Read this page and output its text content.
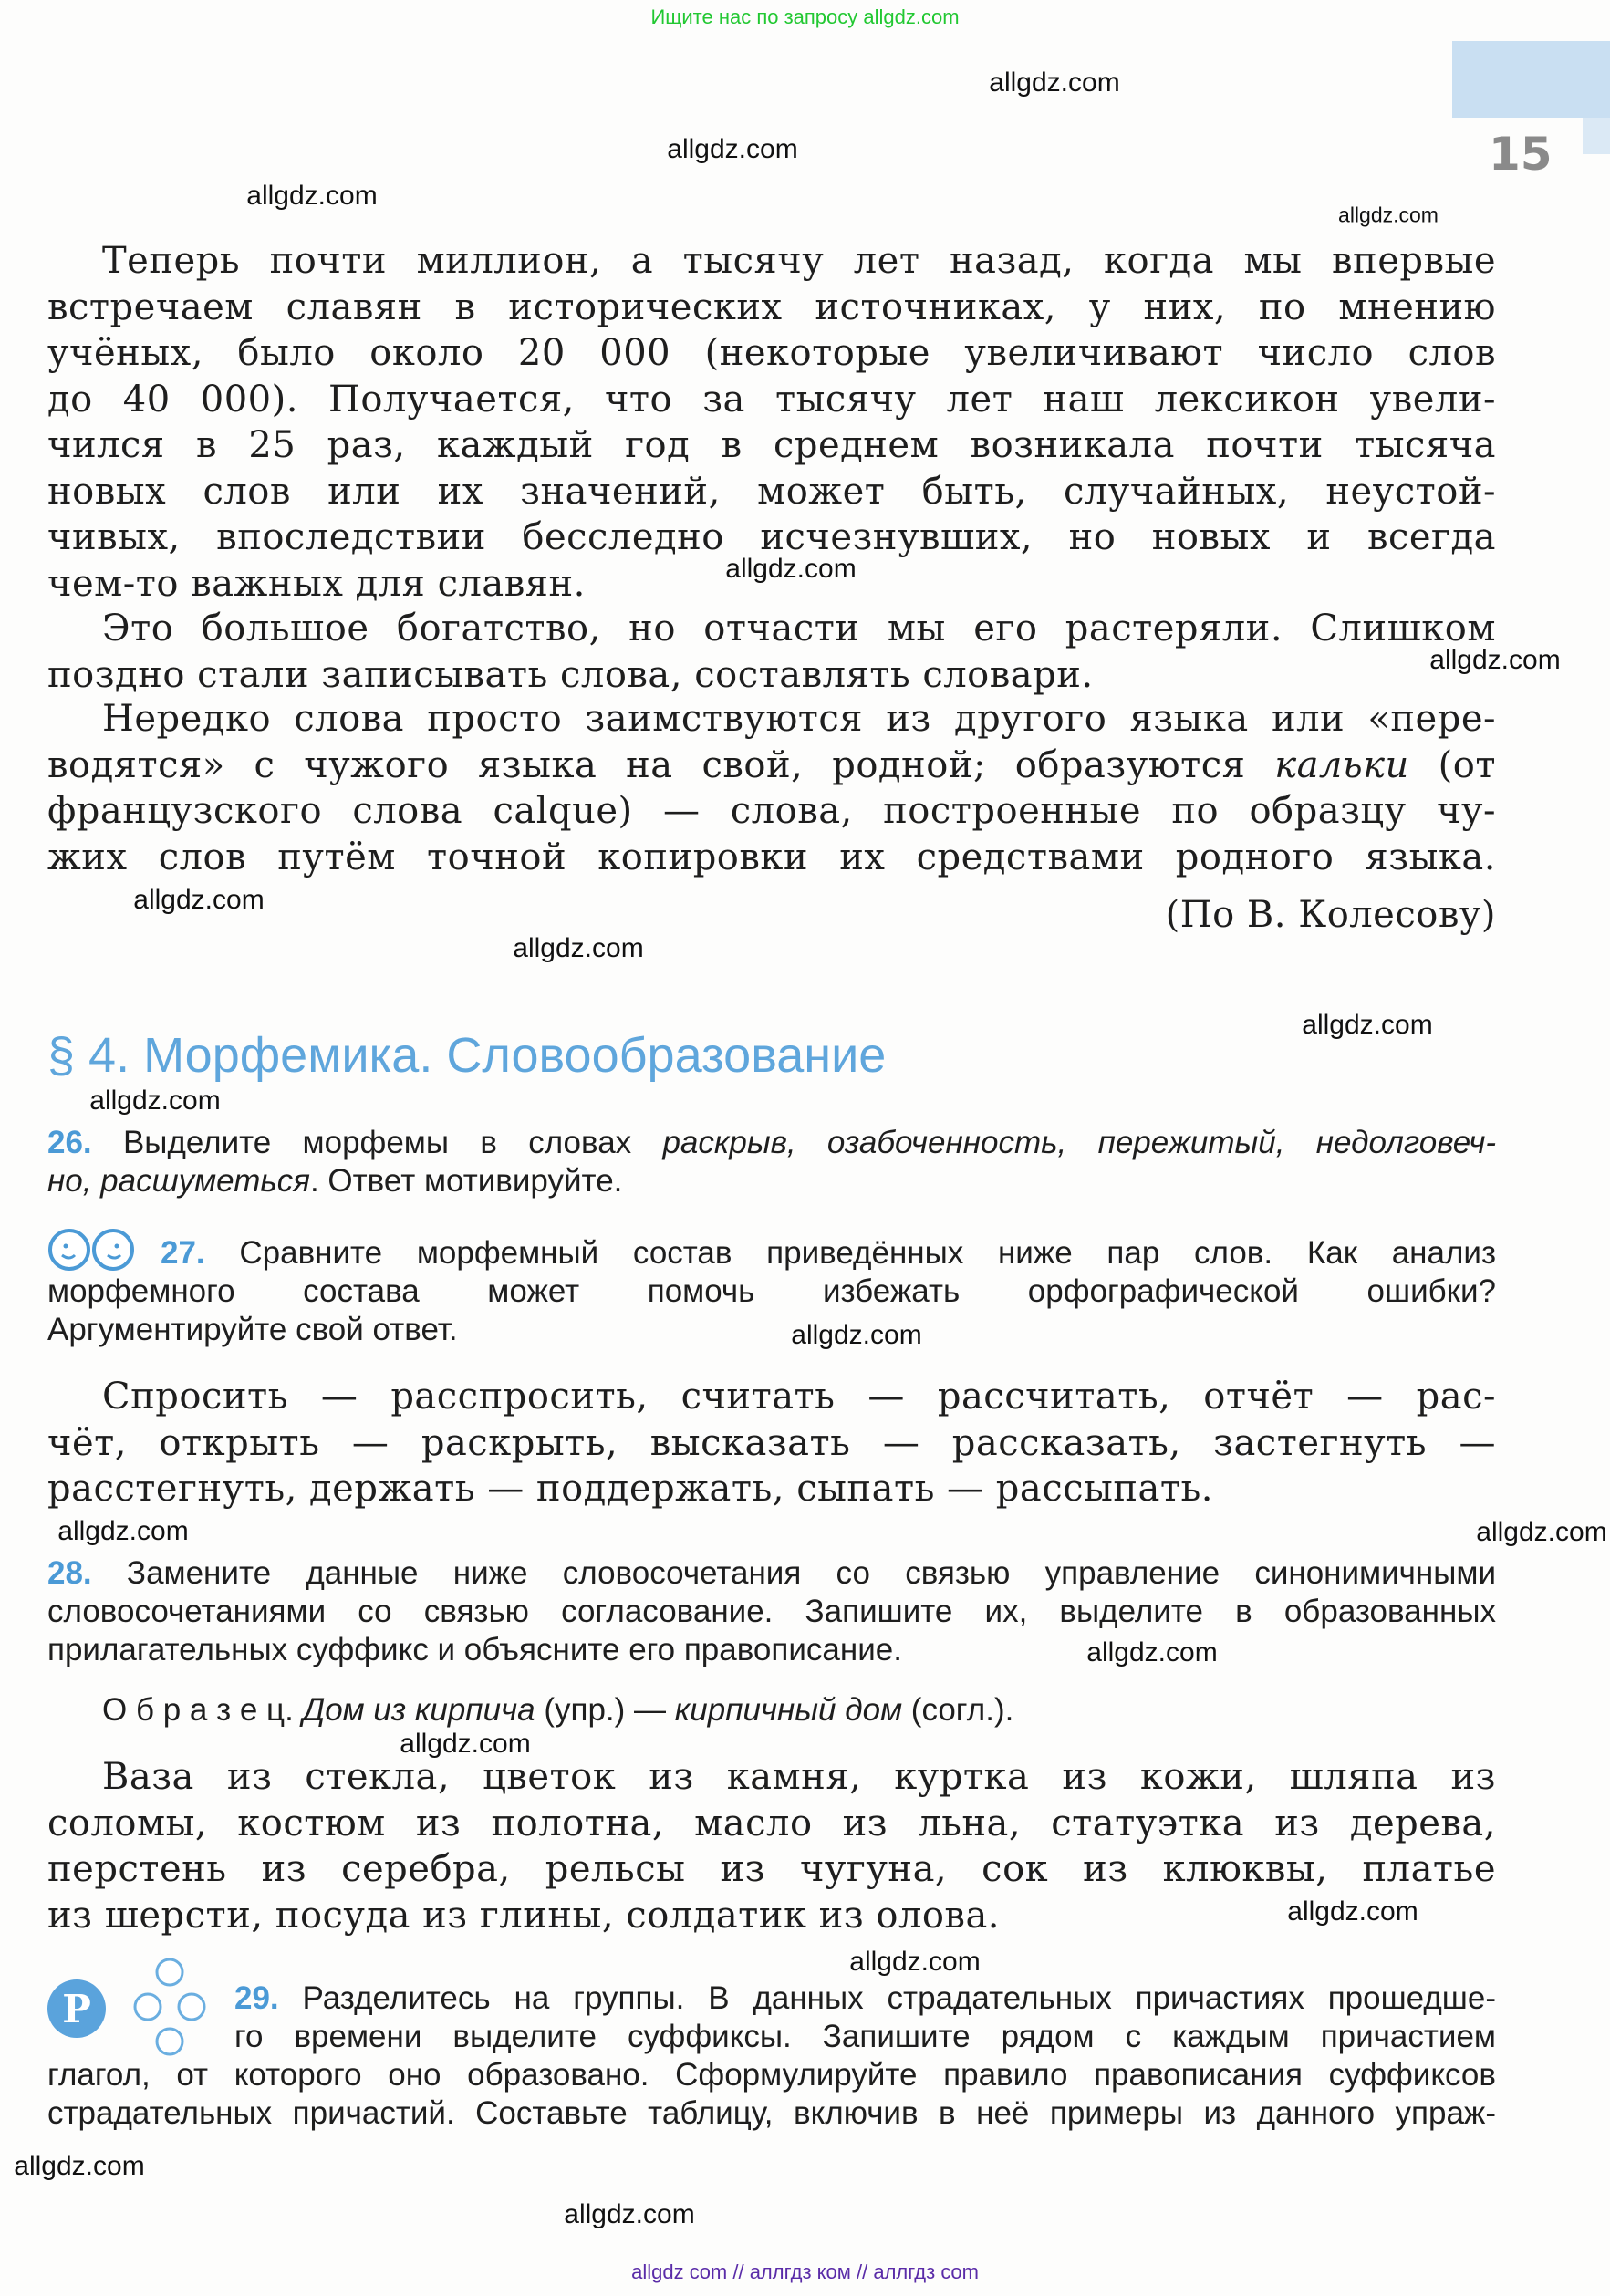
Ищите нас по запросу allgdz.com
15
Теперь почти миллион, а тысячу лет назад, когда мы впервые
встречаем славян в исторических источниках, у них, по мнению
учёных, было около 20 000 (некоторые увеличивают число слов
до 40 000). Получается, что за тысячу лет наш лексикон увели-
чился в 25 раз, каждый год в среднем возникала почти тысяча
новых слов или их значений, может быть, случайных, неустой-
чивых, впоследствии бесследно исчезнувших, но новых и всегда
чем-то важных для славян.
Это большое богатство, но отчасти мы его растеряли. Слишком
поздно стали записывать слова, составлять словари.
Нередко слова просто заимствуются из другого языка или «пере-
водятся» с чужого языка на свой, родной; образуются кальки (от
французского слова calque) — слова, построенные по образцу чу-
жих слов путём точной копировки их средствами родного языка.
(По В. Колесову)
§ 4. Морфемика. Словообразование
26. Выделите морфемы в словах раскрыв, озабоченность, пережитый, недолговеч-
но, расшуметься. Ответ мотивируйте.
27. Сравните морфемный состав приведённых ниже пар слов. Как анализ
морфемного состава может помочь избежать орфографической ошибки?
Аргументируйте свой ответ.
Спросить — расспросить, считать — рассчитать, отчёт — рас-
чёт, открыть — раскрыть, высказать — рассказать, застегнуть —
расстегнуть, держать — поддержать, сыпать — рассыпать.
28. Замените данные ниже словосочетания со связью управление синонимичными
словосочетаниями со связью согласование. Запишите их, выделите в образованных
прилагательных суффикс и объясните его правописание.
О б р а з е ц. Дом из кирпича (упр.) — кирпичный дом (согл.).
Ваза из стекла, цветок из камня, куртка из кожи, шляпа из
соломы, костюм из полотна, масло из льна, статуэтка из дерева,
перстень из серебра, рельсы из чугуна, сок из клюквы, платье
из шерсти, посуда из глины, солдатик из олова.
Р	29. Разделитесь на группы. В данных страдательных причастиях прошедше-
го времени выделите суффиксы. Запишите рядом с каждым причастием
глагол, от которого оно образовано. Сформулируйте правило правописания суффиксов
страдательных причастий. Составьте таблицу, включив в неё примеры из данного упраж-
allgdz.com
allgdz.com
allgdz.com
allgdz.com
allgdz.com
allgdz.com
allgdz.com
allgdz.com
allgdz.com
allgdz.com
allgdz.com
allgdz.com
allgdz.com
allgdz.com
allgdz.com
allgdz.com
allgdz.com
allgdz.com
allgdz.com
allgdz com // аллгдз ком // аллгдз com
